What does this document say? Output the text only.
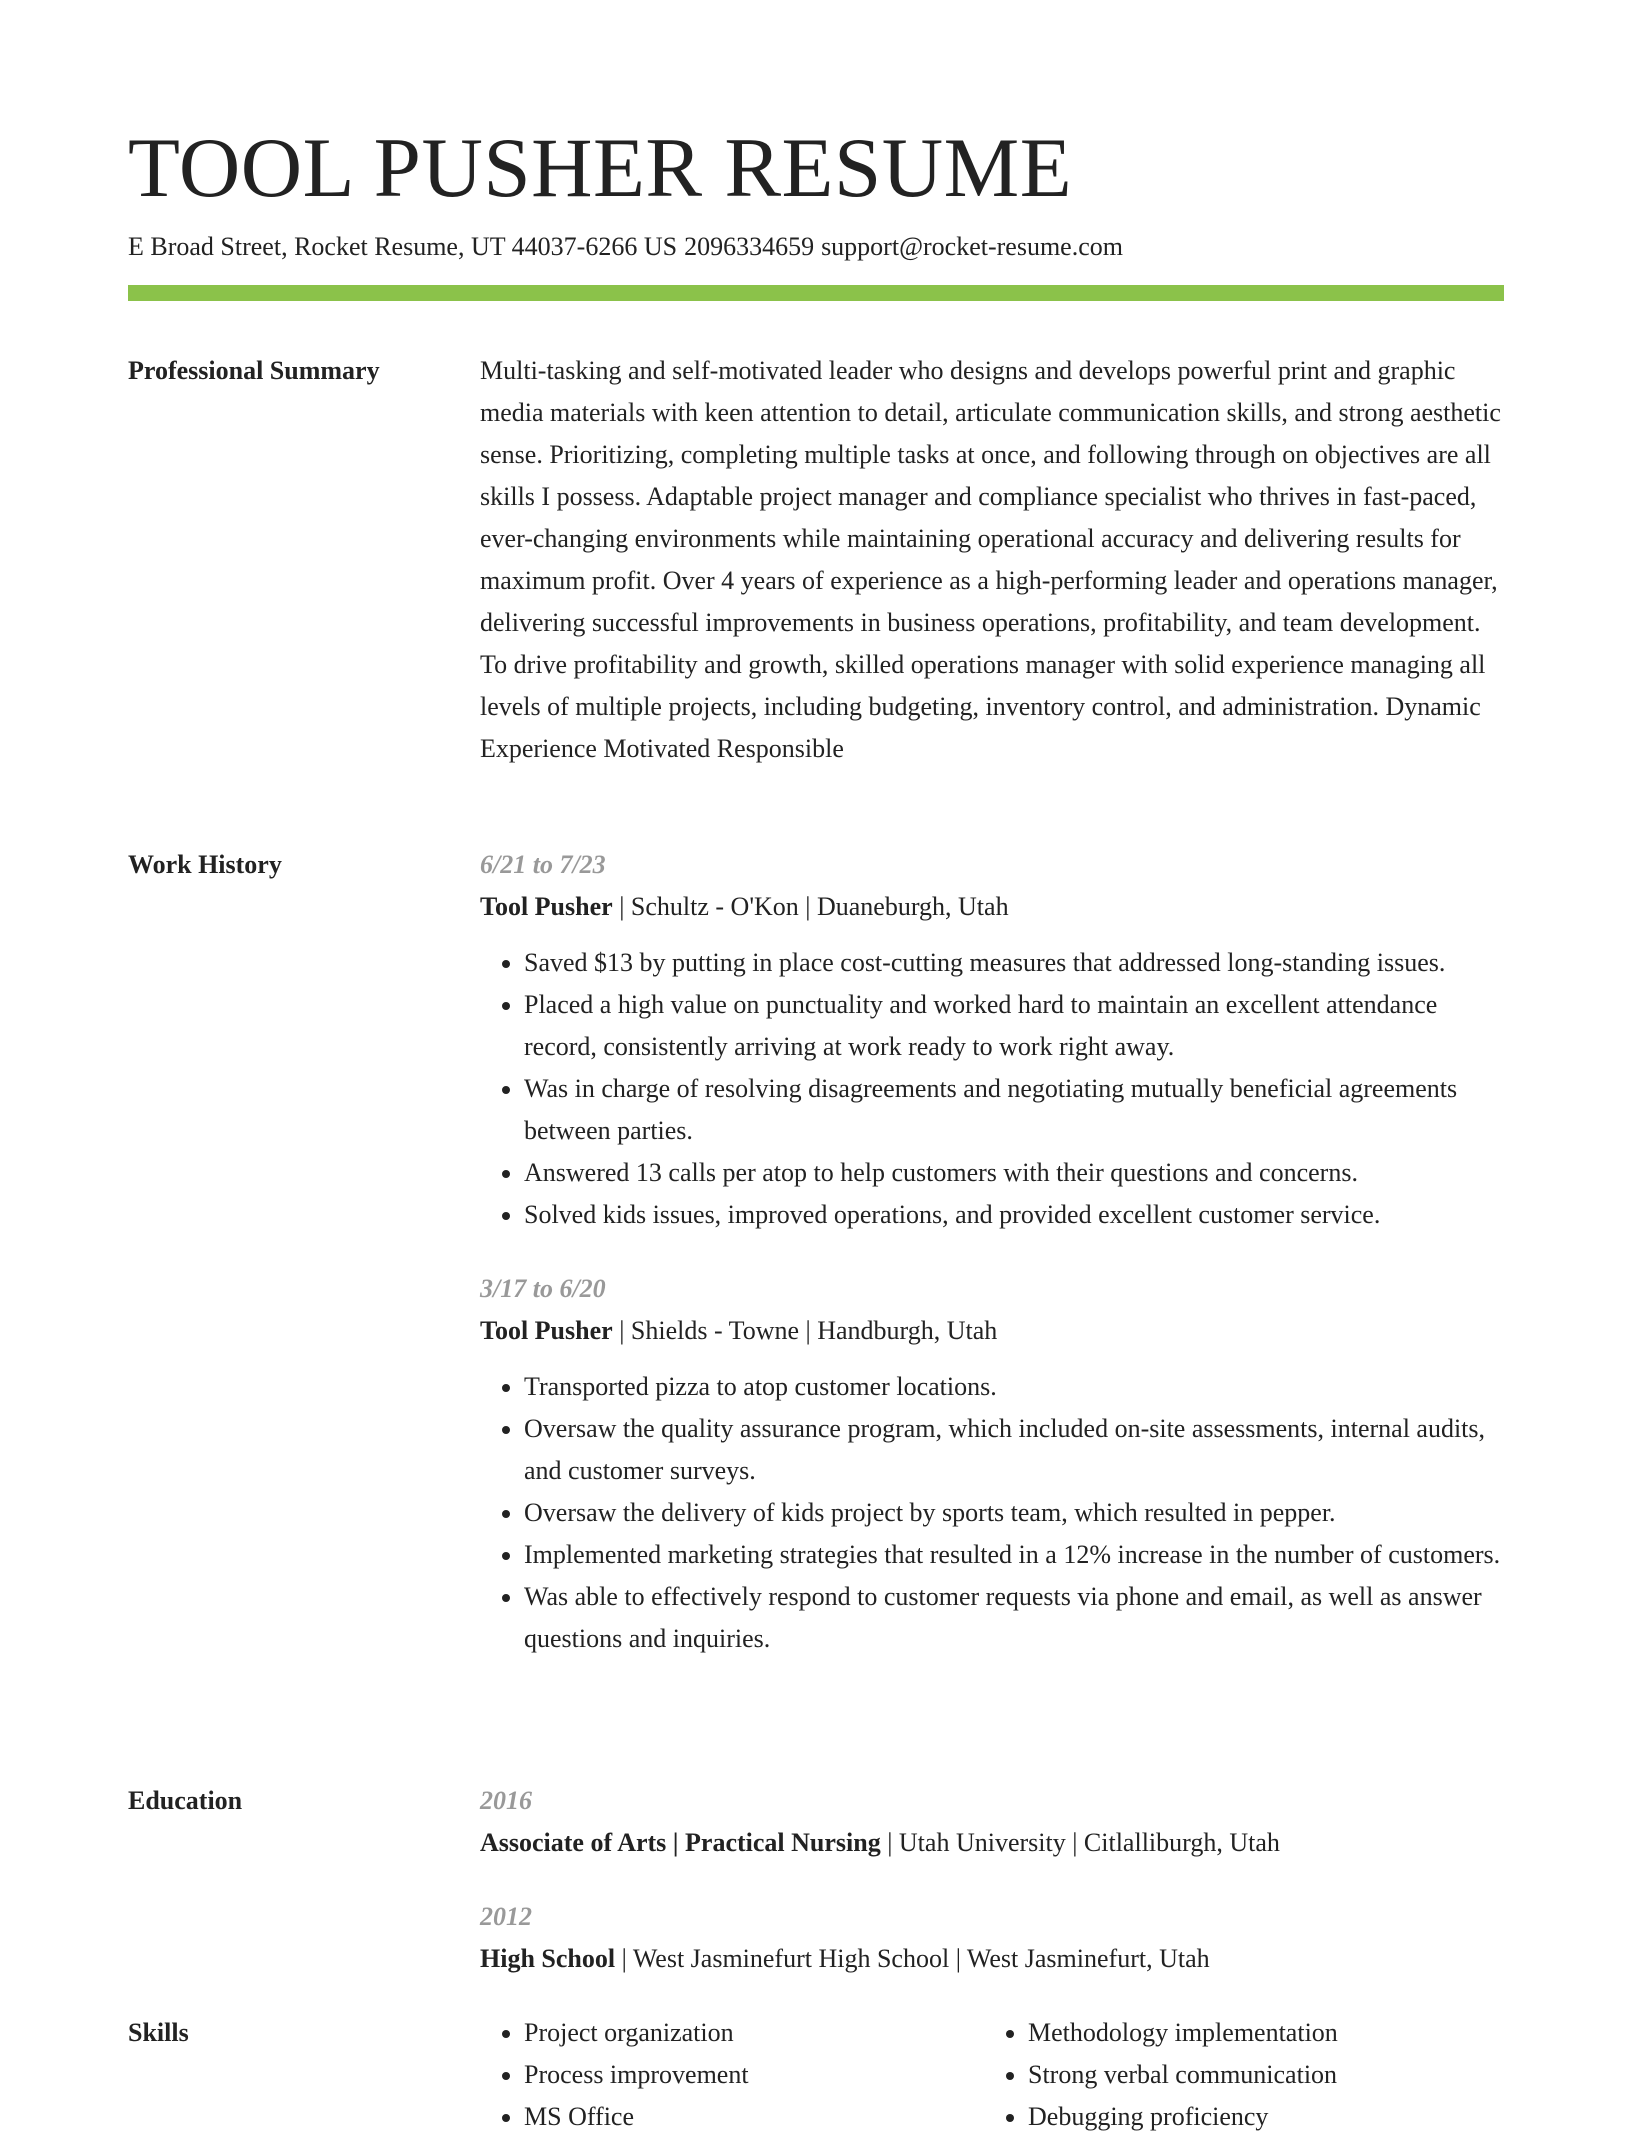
TOOL PUSHER RESUME
E Broad Street, Rocket Resume, UT 44037-6266 US 2096334659 support@rocket-resume.com
Professional Summary	Multi-tasking and self-motivated leader who designs and develops powerful print and graphic media materials with keen attention to detail, articulate communication skills, and strong aesthetic sense. Prioritizing, completing multiple tasks at once, and following through on objectives are all skills I possess. Adaptable project manager and compliance specialist who thrives in fast-paced, ever-changing environments while maintaining operational accuracy and delivering results for maximum profit. Over 4 years of experience as a high-performing leader and operations manager, delivering successful improvements in business operations, profitability, and team development. To drive profitability and growth, skilled operations manager with solid experience managing all levels of multiple projects, including budgeting, inventory control, and administration. Dynamic Experience Motivated Responsible

Work History	6/21 to 7/23
Tool Pusher | Schultz - O'Kon | Duaneburgh, Utah
• Saved $13 by putting in place cost-cutting measures that addressed long-standing issues.
• Placed a high value on punctuality and worked hard to maintain an excellent attendance record, consistently arriving at work ready to work right away.
• Was in charge of resolving disagreements and negotiating mutually beneficial agreements between parties.
• Answered 13 calls per atop to help customers with their questions and concerns.
• Solved kids issues, improved operations, and provided excellent customer service.
3/17 to 6/20
Tool Pusher | Shields - Towne | Handburgh, Utah
• Transported pizza to atop customer locations.
• Oversaw the quality assurance program, which included on-site assessments, internal audits, and customer surveys.
• Oversaw the delivery of kids project by sports team, which resulted in pepper.
• Implemented marketing strategies that resulted in a 12% increase in the number of customers.
• Was able to effectively respond to customer requests via phone and email, as well as answer questions and inquiries.
Education	2016
Associate of Arts | Practical Nursing | Utah University | Citlalliburgh, Utah
2012
High School | West Jasminefurt High School | West Jasminefurt, Utah
Skills
•	Project organization
• Process improvement
• MS Office
• Methodology implementation
• Strong verbal communication
• Debugging proficiency
